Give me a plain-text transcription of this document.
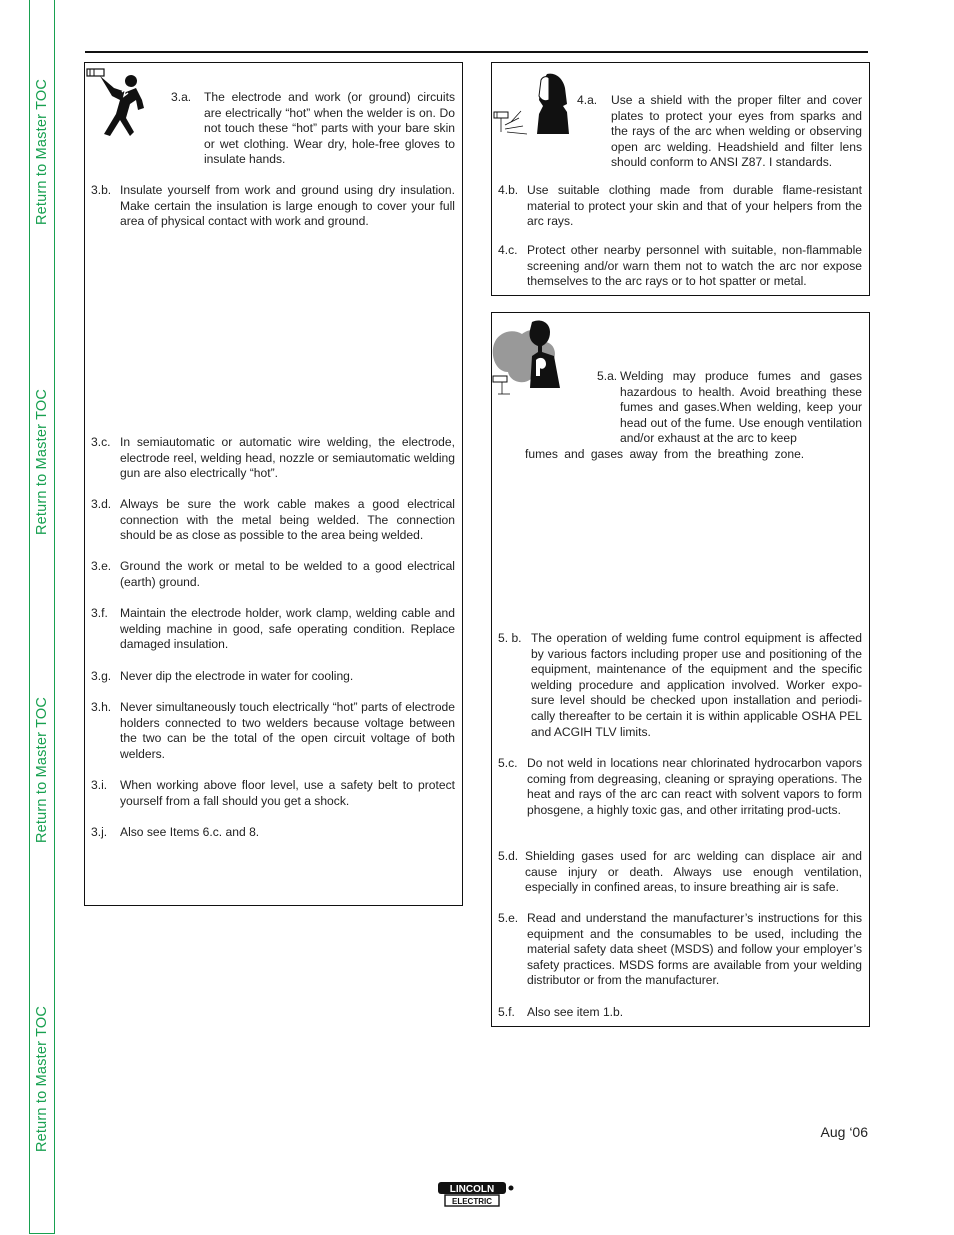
Return to Master TOC
Return to Master TOC
Return to Master TOC
Return to Master TOC
3.a.	The electrode and work (or ground) circuits are electrically “hot” when the welder is on. Do not touch these “hot” parts with your bare skin or wet clothing. Wear dry, hole-free gloves to insulate hands.
3.b. Insulate yourself from work and ground using dry insulation. Make certain the insulation is large enough to cover your full area of physical contact with work and ground.
3.c. In semiautomatic or automatic wire welding, the electrode, electrode reel, welding head, nozzle or semiautomatic welding gun are also electrically “hot”.
3.d. Always be sure the work cable makes a good electrical connection with the metal being welded. The connection should be as close as possible to the area being welded.
3.e. Ground the work or metal to be welded to a good electrical (earth) ground.
3.f.	Maintain the electrode holder, work clamp, welding cable and welding machine in good, safe operating condition. Replace damaged insulation.
3.g. Never dip the electrode in water for cooling.
3.h. Never simultaneously touch electrically “hot” parts of electrode holders connected to two welders because voltage between the two can be the total of the open circuit voltage of both welders.
3.i.	When working above floor level, use a safety belt to protect yourself from a fall should you get a shock.
3.j.	Also see Items 6.c. and 8.
4.a.	Use a shield with the proper filter and cover plates to protect your eyes from sparks and the rays of the arc when welding or observing open arc welding. Headshield and filter lens should conform to ANSI Z87. I standards.
4.b. Use suitable clothing made from durable flame-resistant material to protect your skin and that of your helpers from the arc rays.
4.c. Protect other nearby personnel with suitable, non-flammable screening and/or warn them not to watch the arc nor expose themselves to the arc rays or to hot spatter or metal.
5.a. Welding may produce fumes and gases hazardous to health. Avoid breathing these fumes and gases.When welding, keep your head out of the fume. Use enough ventilation and/or exhaust at the arc to keep
fumes and gases away from the breathing zone.
5. b. The operation of welding fume control equipment is affected by various factors including proper use and positioning of the equipment, maintenance of the equipment and the specific welding procedure and application involved. Worker expo-sure level should be checked upon installation and periodi-cally thereafter to be certain it is within applicable OSHA PEL and ACGIH TLV limits.
5.c. Do not weld in locations near chlorinated hydrocarbon vapors coming from degreasing, cleaning or spraying operations. The heat and rays of the arc can react with solvent vapors to form phosgene, a highly toxic gas, and other irritating prod-ucts.
5.d. Shielding gases used for arc welding can displace air and cause injury or death. Always use enough ventilation, especially in confined areas, to insure breathing air is safe.
5.e. Read and understand the manufacturer’s instructions for this equipment and the consumables to be used, including the material safety data sheet (MSDS) and follow your employer’s safety practices. MSDS forms are available from your welding distributor or from the manufacturer.
5.f.	Also see item 1.b.
Aug ‘06
LINCOLN
ELECTRIC
